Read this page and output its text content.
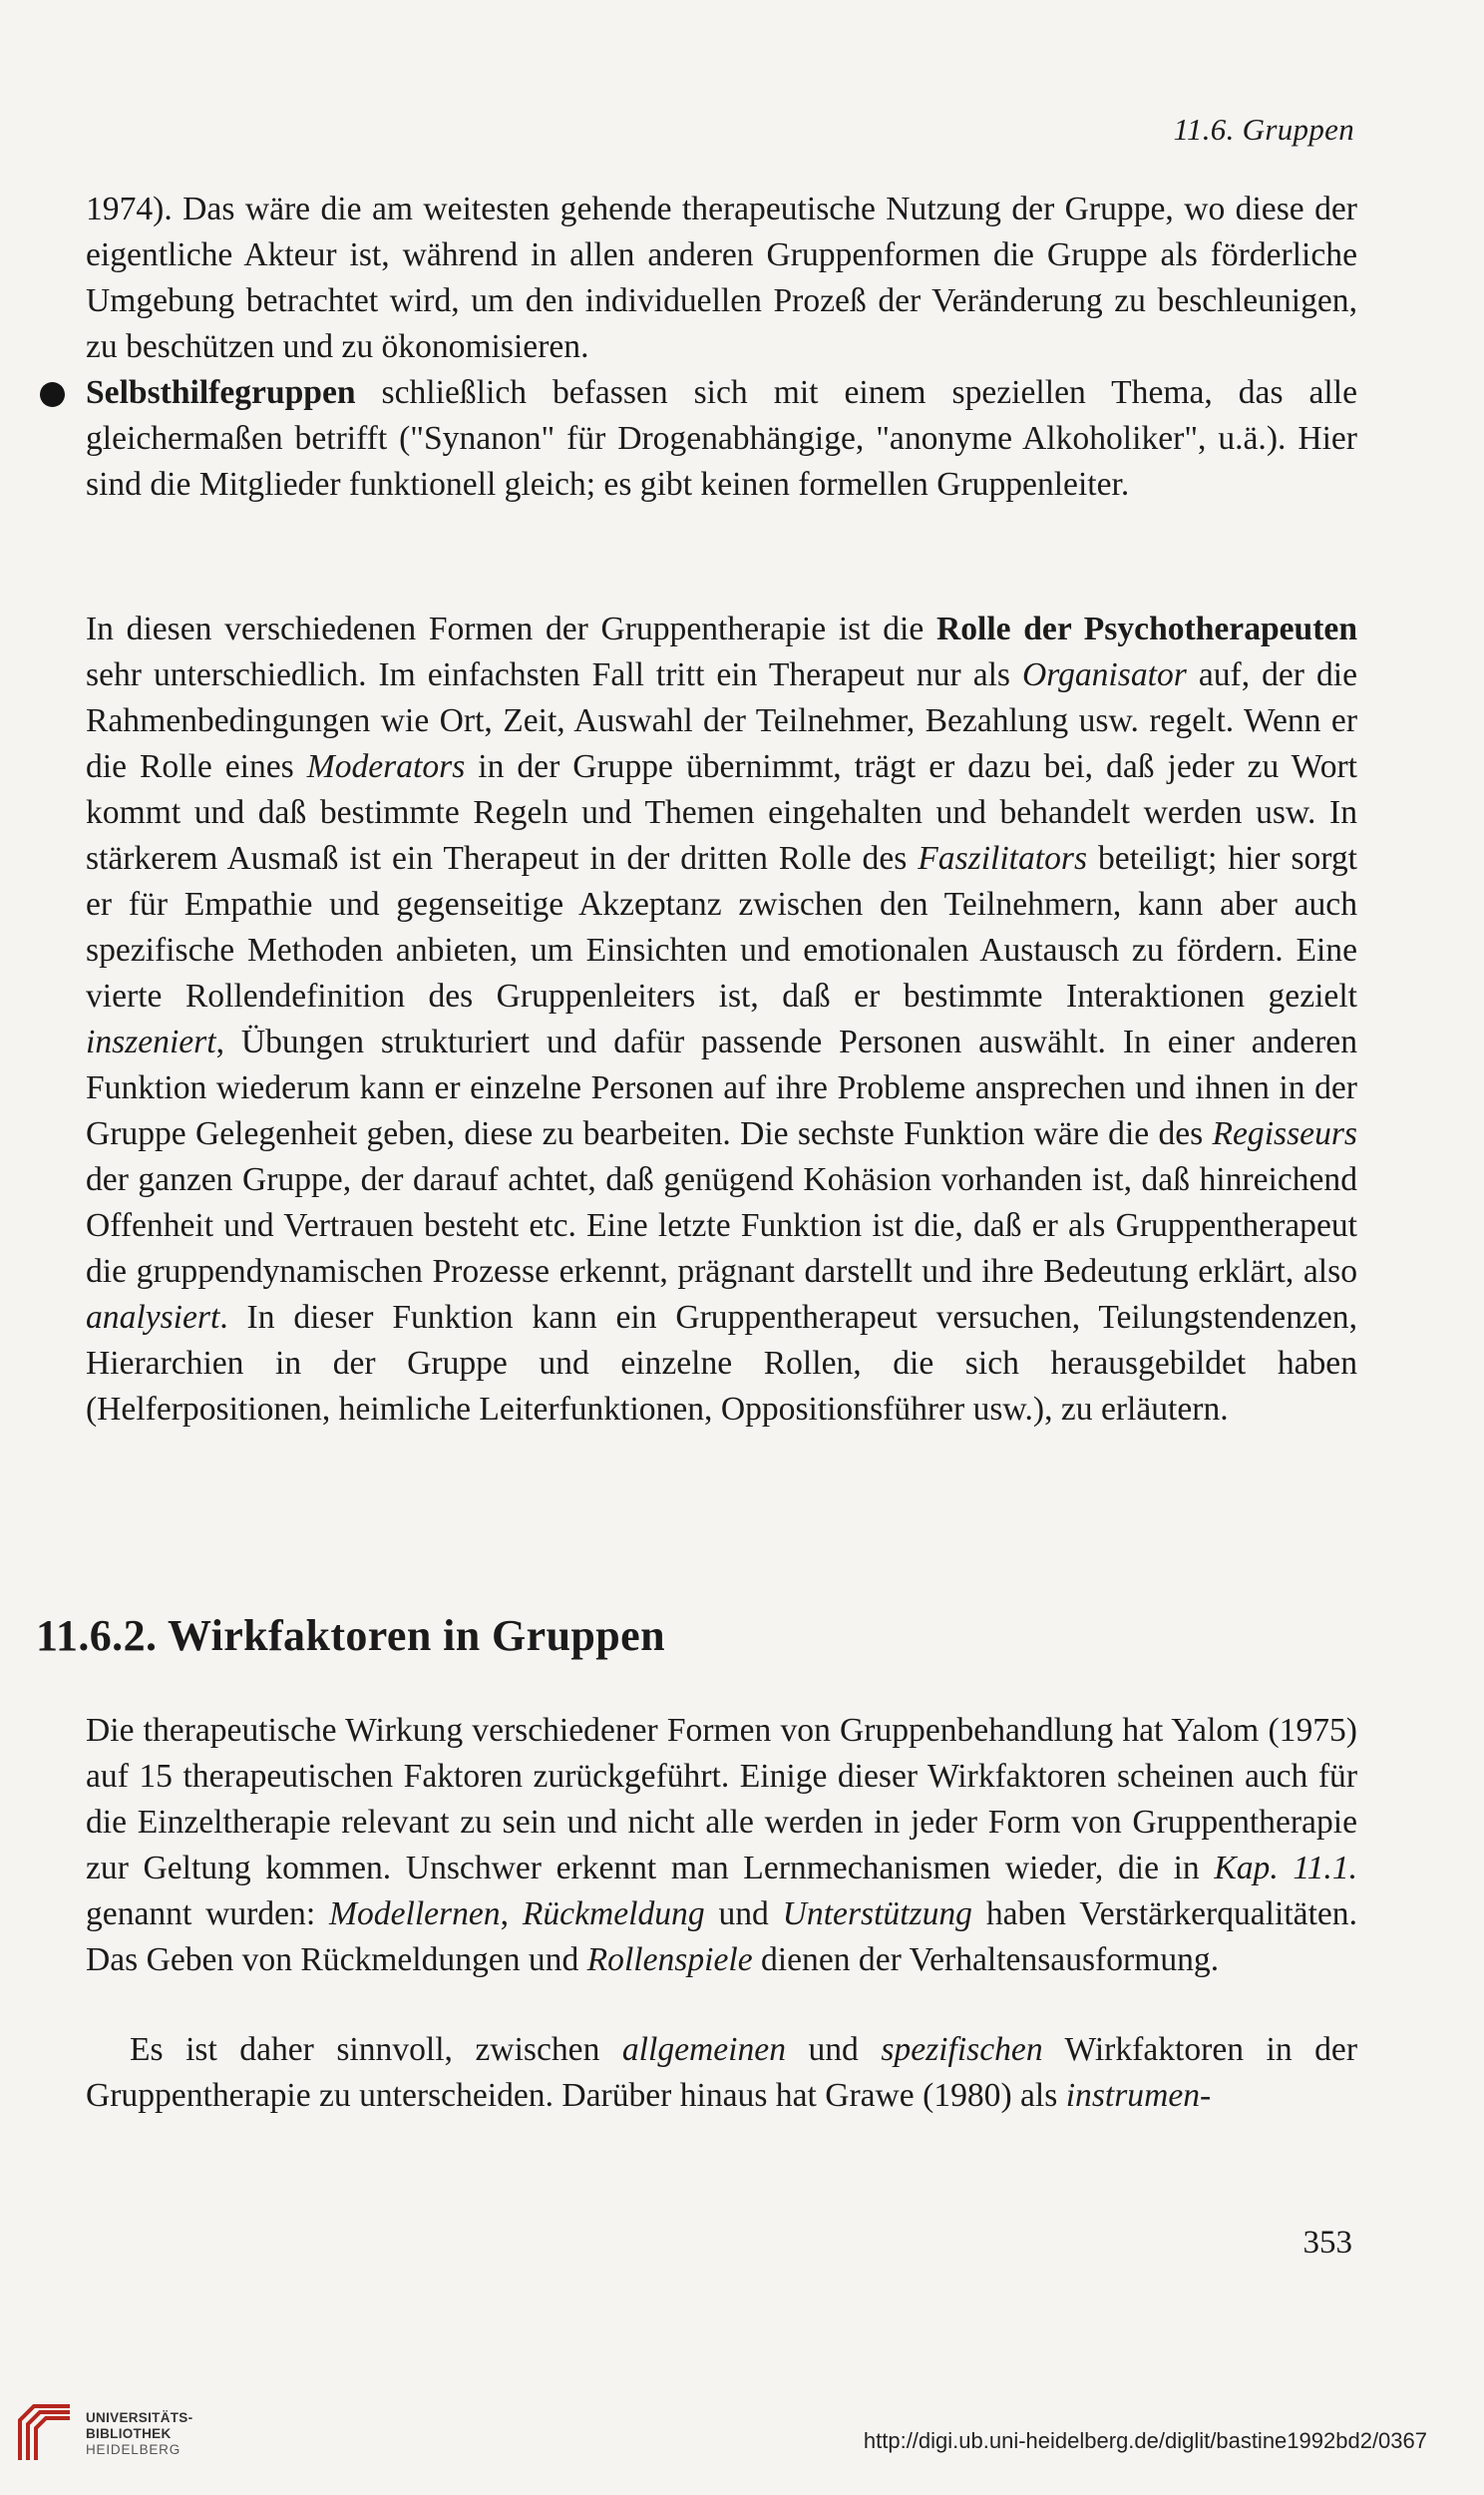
11.6. Gruppen
1974). Das wäre die am weitesten gehende therapeutische Nutzung der Gruppe, wo diese der eigentliche Akteur ist, während in allen anderen Gruppenformen die Gruppe als förderliche Umgebung betrachtet wird, um den individuellen Prozeß der Veränderung zu beschleunigen, zu beschützen und zu ökonomisieren.
Selbsthilfegruppen schließlich befassen sich mit einem speziellen Thema, das alle gleichermaßen betrifft ("Synanon" für Drogenabhängige, "anonyme Alkoholiker", u.ä.). Hier sind die Mitglieder funktionell gleich; es gibt keinen formellen Gruppenleiter.
In diesen verschiedenen Formen der Gruppentherapie ist die Rolle der Psychotherapeuten sehr unterschiedlich. Im einfachsten Fall tritt ein Therapeut nur als Organisator auf, der die Rahmenbedingungen wie Ort, Zeit, Auswahl der Teilnehmer, Bezahlung usw. regelt. Wenn er die Rolle eines Moderators in der Gruppe übernimmt, trägt er dazu bei, daß jeder zu Wort kommt und daß bestimmte Regeln und Themen eingehalten und behandelt werden usw. In stärkerem Ausmaß ist ein Therapeut in der dritten Rolle des Faszilitators beteiligt; hier sorgt er für Empathie und gegenseitige Akzeptanz zwischen den Teilnehmern, kann aber auch spezifische Methoden anbieten, um Einsichten und emotionalen Austausch zu fördern. Eine vierte Rollendefinition des Gruppenleiters ist, daß er bestimmte Interaktionen gezielt inszeniert, Übungen strukturiert und dafür passende Personen auswählt. In einer anderen Funktion wiederum kann er einzelne Personen auf ihre Probleme ansprechen und ihnen in der Gruppe Gelegenheit geben, diese zu bearbeiten. Die sechste Funktion wäre die des Regisseurs der ganzen Gruppe, der darauf achtet, daß genügend Kohäsion vorhanden ist, daß hinreichend Offenheit und Vertrauen besteht etc. Eine letzte Funktion ist die, daß er als Gruppentherapeut die gruppendynamischen Prozesse erkennt, prägnant darstellt und ihre Bedeutung erklärt, also analysiert. In dieser Funktion kann ein Gruppentherapeut versuchen, Teilungstendenzen, Hierarchien in der Gruppe und einzelne Rollen, die sich herausgebildet haben (Helferpositionen, heimliche Leiterfunktionen, Oppositionsführer usw.), zu erläutern.
11.6.2. Wirkfaktoren in Gruppen
Die therapeutische Wirkung verschiedener Formen von Gruppenbehandlung hat Yalom (1975) auf 15 therapeutischen Faktoren zurückgeführt. Einige dieser Wirkfaktoren scheinen auch für die Einzeltherapie relevant zu sein und nicht alle werden in jeder Form von Gruppentherapie zur Geltung kommen. Unschwer erkennt man Lernmechanismen wieder, die in Kap. 11.1. genannt wurden: Modellernen, Rückmeldung und Unterstützung haben Verstärkerqualitäten. Das Geben von Rückmeldungen und Rollenspiele dienen der Verhaltensausformung.
Es ist daher sinnvoll, zwischen allgemeinen und spezifischen Wirkfaktoren in der Gruppentherapie zu unterscheiden. Darüber hinaus hat Grawe (1980) als instrumen-
353
UNIVERSITÄTS-
BIBLIOTHEK
HEIDELBERG	http://digi.ub.uni-heidelberg.de/diglit/bastine1992bd2/0367
